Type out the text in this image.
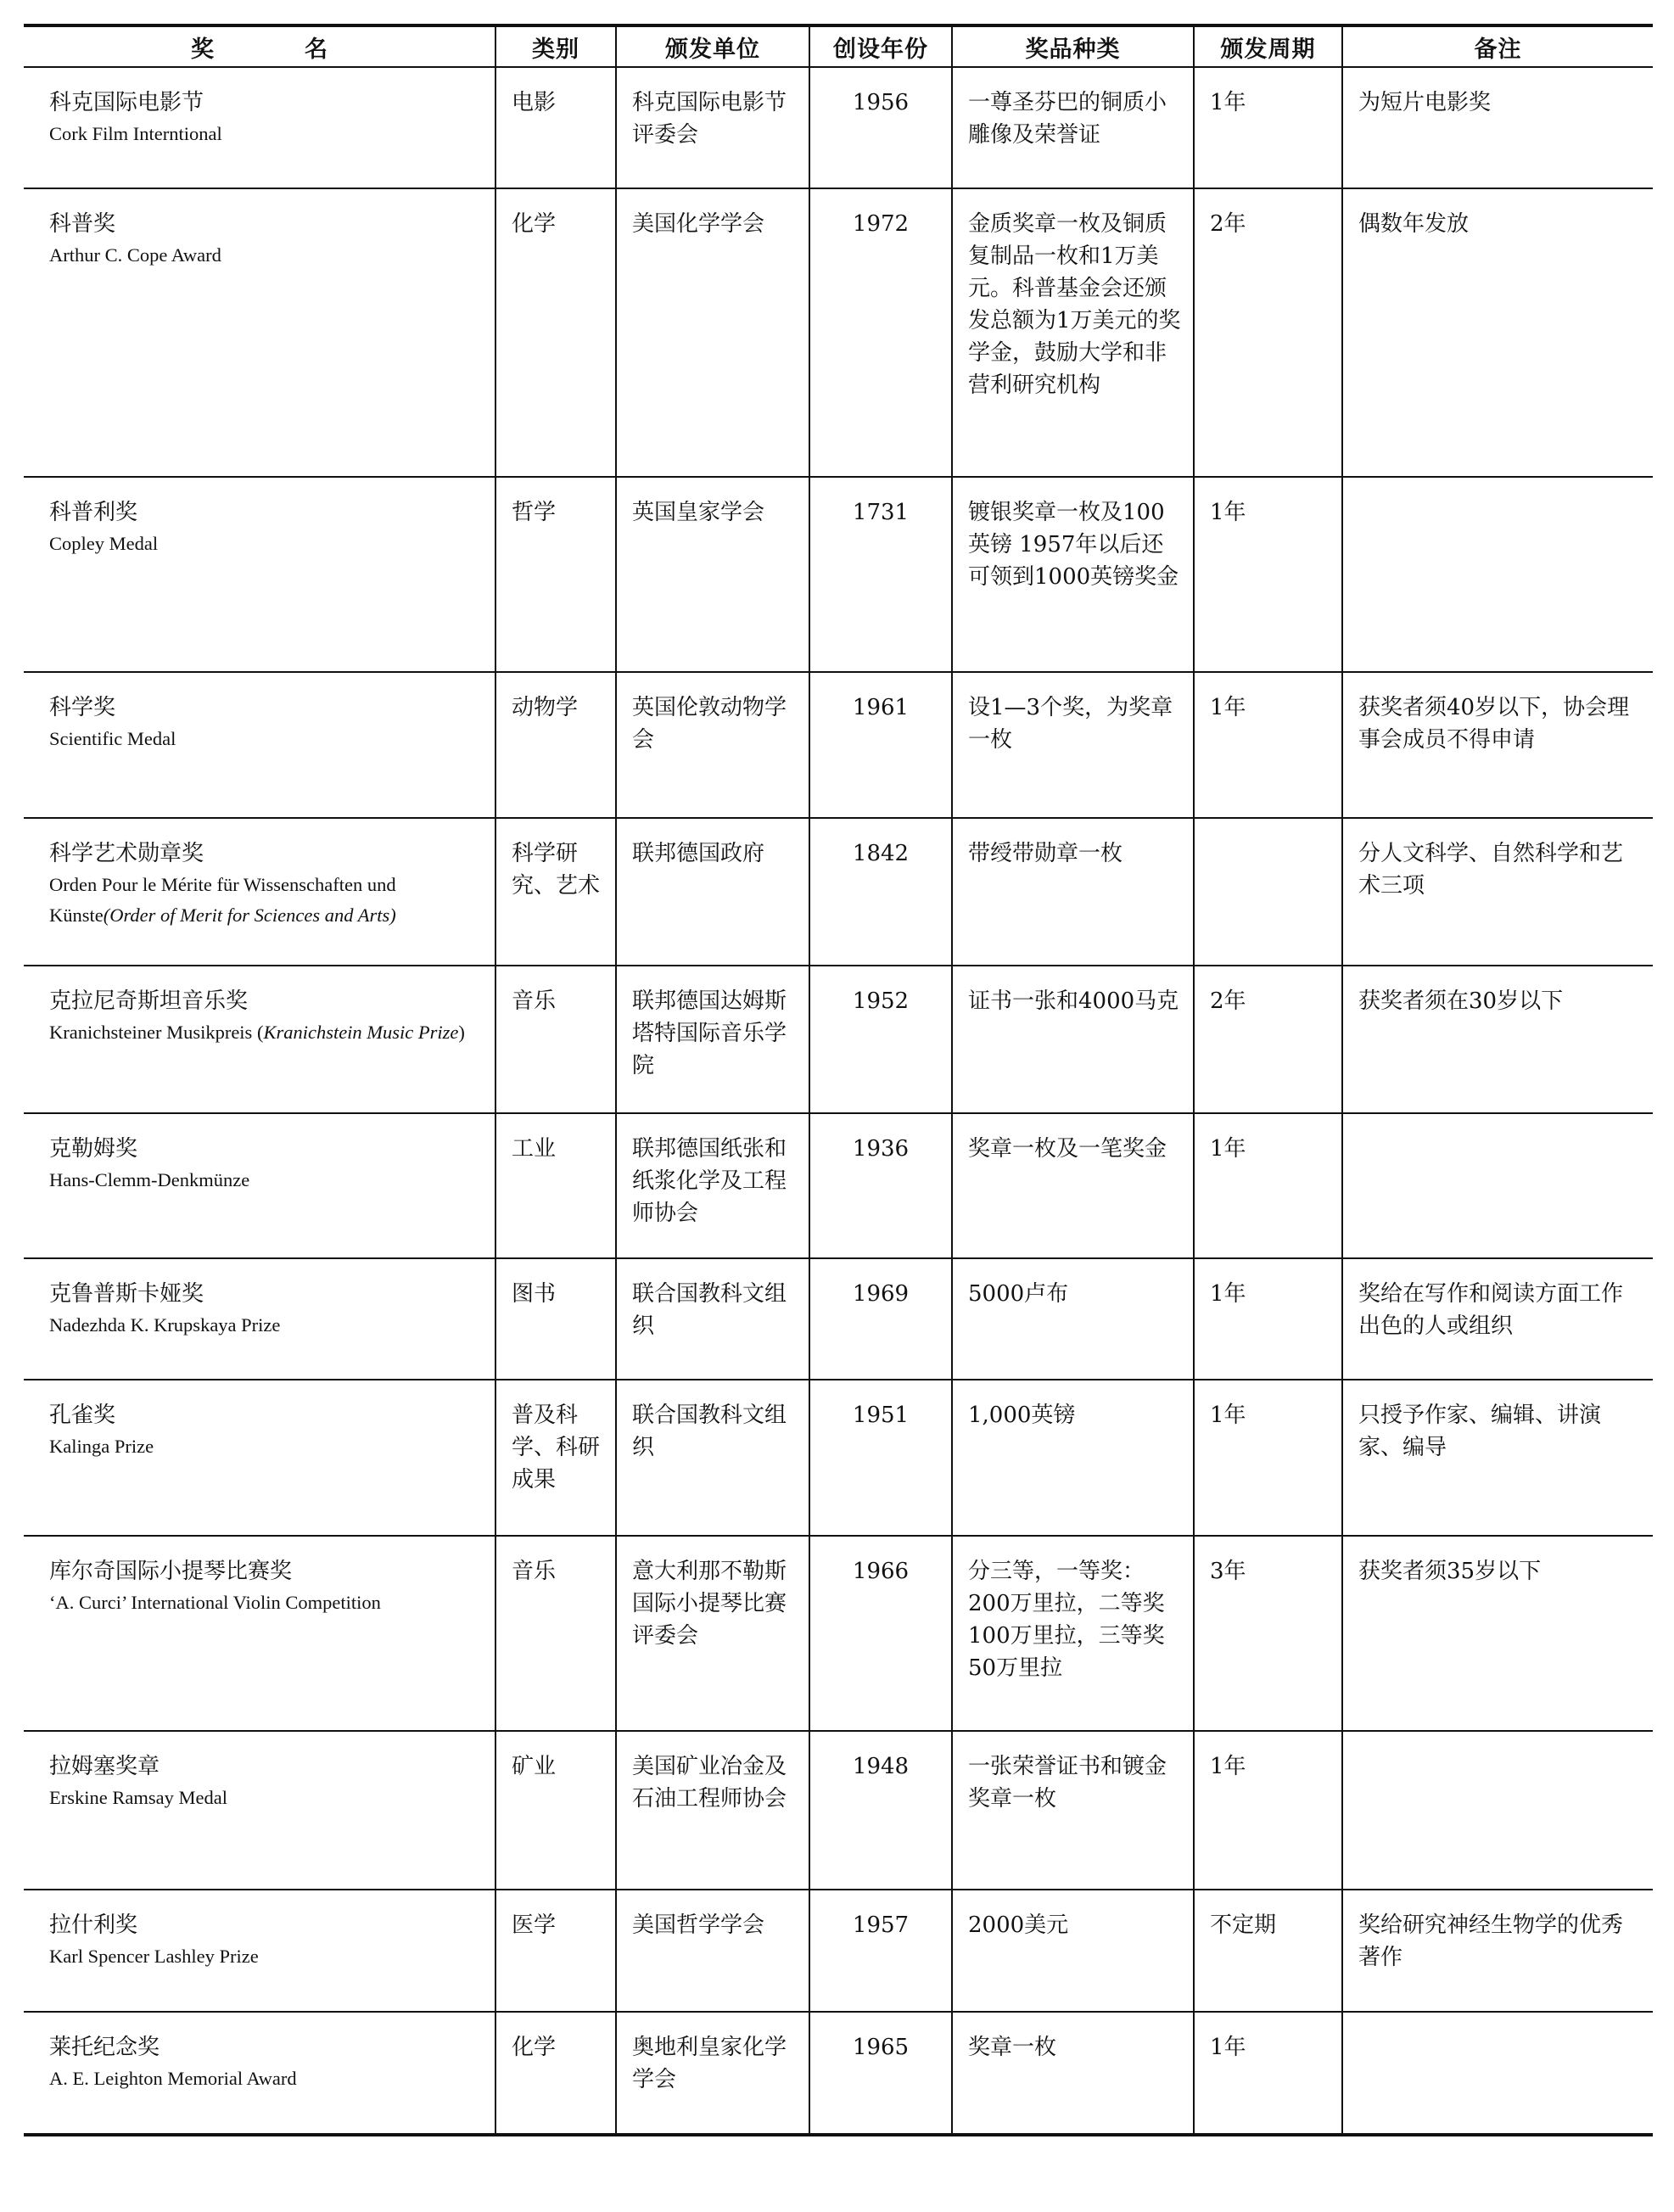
奖　名	类别	颁发单位	创设年份	奖品种类	颁发周期	备注

科克国际电影节
Cork Film Interntional	电影	科克国际电影节评委会	1956	一尊圣芬巴的铜质小雕像及荣誉证	1年	为短片电影奖

科普奖
Arthur C. Cope Award	化学	美国化学学会	1972	金质奖章一枚及铜质复制品一枚和1万美元。科普基金会还颁发总额为1万美元的奖学金，鼓励大学和非营利研究机构	2年	偶数年发放

科普利奖
Copley Medal	哲学	英国皇家学会	1731	镀银奖章一枚及100英镑 1957年以后还可领到1000英镑奖金	1年	

科学奖
Scientific Medal	动物学	英国伦敦动物学会	1961	设1—3个奖，为奖章一枚	1年	获奖者须40岁以下，协会理事会成员不得申请

科学艺术勋章奖
Orden Pour le Mérite für Wissenschaften und Künste(Order of Merit for Sciences and Arts)	科学研究、艺术	联邦德国政府	1842	带绶带勋章一枚		分人文科学、自然科学和艺术三项

克拉尼奇斯坦音乐奖
Kranichsteiner Musikpreis (Kranichstein Music Prize)	音乐	联邦德国达姆斯塔特国际音乐学院	1952	证书一张和4000马克	2年	获奖者须在30岁以下

克勒姆奖
Hans-Clemm-Denkmünze	工业	联邦德国纸张和纸浆化学及工程师协会	1936	奖章一枚及一笔奖金	1年	

克鲁普斯卡娅奖
Nadezhda K. Krupskaya Prize	图书	联合国教科文组织	1969	5000卢布	1年	奖给在写作和阅读方面工作出色的人或组织

孔雀奖
Kalinga Prize	普及科学、科研成果	联合国教科文组织	1951	1,000英镑	1年	只授予作家、编辑、讲演家、编导

库尔奇国际小提琴比赛奖
‘A. Curci’ International Violin Competition	音乐	意大利那不勒斯国际小提琴比赛评委会	1966	分三等，一等奖：200万里拉，二等奖100万里拉，三等奖50万里拉	3年	获奖者须35岁以下

拉姆塞奖章
Erskine Ramsay Medal	矿业	美国矿业冶金及石油工程师协会	1948	一张荣誉证书和镀金奖章一枚	1年	

拉什利奖
Karl Spencer Lashley Prize	医学	美国哲学学会	1957	2000美元	不定期	奖给研究神经生物学的优秀著作

莱托纪念奖
A. E. Leighton Memorial Award	化学	奥地利皇家化学学会	1965	奖章一枚	1年	
